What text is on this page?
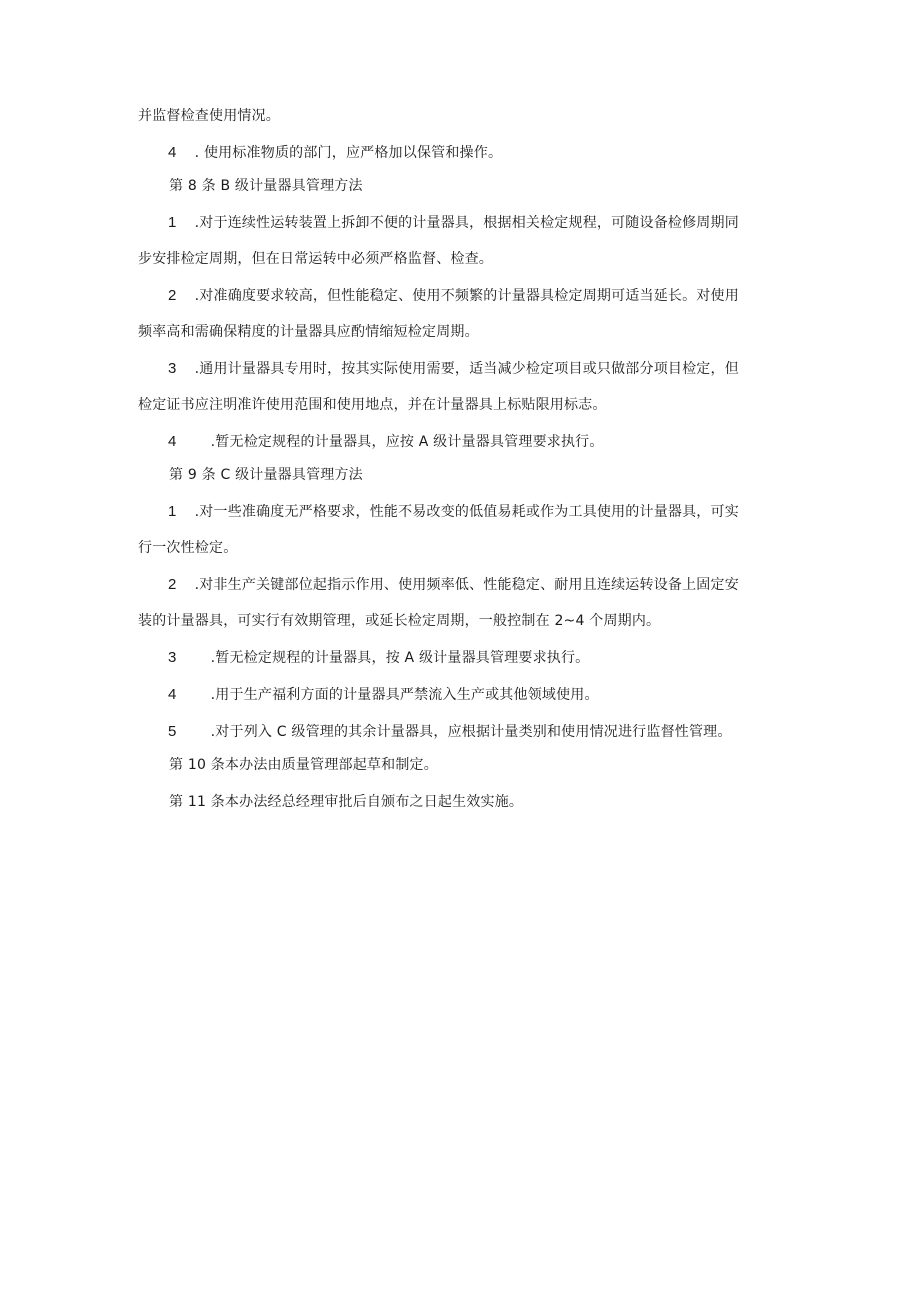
并监督检查使用情况。
4 . 使用标准物质的部门，应严格加以保管和操作。
第 8 条 B 级计量器具管理方法
1 .对于连续性运转装置上拆卸不便的计量器具，根据相关检定规程，可随设备检修周期同
步安排检定周期，但在日常运转中必须严格监督、检查。
2 .对准确度要求较高，但性能稳定、使用不频繁的计量器具检定周期可适当延长。对使用
频率高和需确保精度的计量器具应酌情缩短检定周期。
3 .通用计量器具专用时，按其实际使用需要，适当减少检定项目或只做部分项目检定，但
检定证书应注明准许使用范围和使用地点，并在计量器具上标贴限用标志。
4 .暂无检定规程的计量器具，应按 A 级计量器具管理要求执行。
第 9 条 C 级计量器具管理方法
1 .对一些准确度无严格要求，性能不易改变的低值易耗或作为工具使用的计量器具，可实
行一次性检定。
2 .对非生产关键部位起指示作用、使用频率低、性能稳定、耐用且连续运转设备上固定安
装的计量器具，可实行有效期管理，或延长检定周期，一般控制在 2~4 个周期内。
3 .暂无检定规程的计量器具，按 A 级计量器具管理要求执行。
4 .用于生产福利方面的计量器具严禁流入生产或其他领域使用。
5 .对于列入 C 级管理的其余计量器具，应根据计量类别和使用情况进行监督性管理。
第 10 条本办法由质量管理部起草和制定。
第 11 条本办法经总经理审批后自颁布之日起生效实施。
